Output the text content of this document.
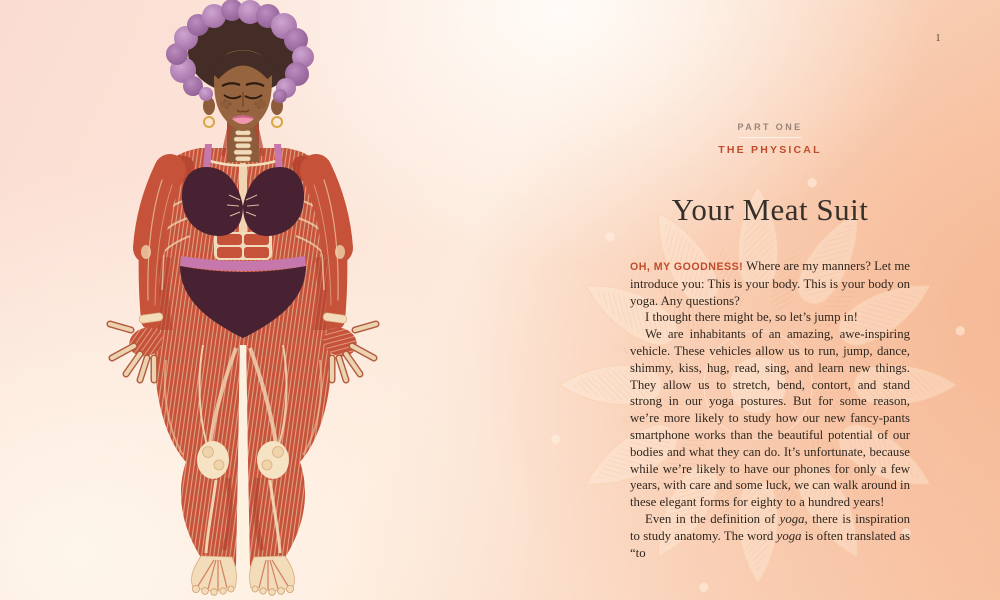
1
PART ONE
THE PHYSICAL
Your Meat Suit

OH, MY GOODNESS! Where are my manners? Let me introduce you: This is your body. This is your body on yoga. Any questions?

I thought there might be, so let’s jump in!

We are inhabitants of an amazing, awe-inspiring vehicle. These vehicles allow us to run, jump, dance, shimmy, kiss, hug, read, sing, and learn new things. They allow us to stretch, bend, contort, and stand strong in our yoga postures. But for some reason, we’re more likely to study how our new fancy-pants smartphone works than the beautiful potential of our bodies and what they can do. It’s unfortunate, because while we’re likely to have our phones for only a few years, with care and some luck, we can walk around in these elegant forms for eighty to a hundred years!

Even in the definition of yoga, there is inspiration to study anatomy. The word yoga is often translated as “to
